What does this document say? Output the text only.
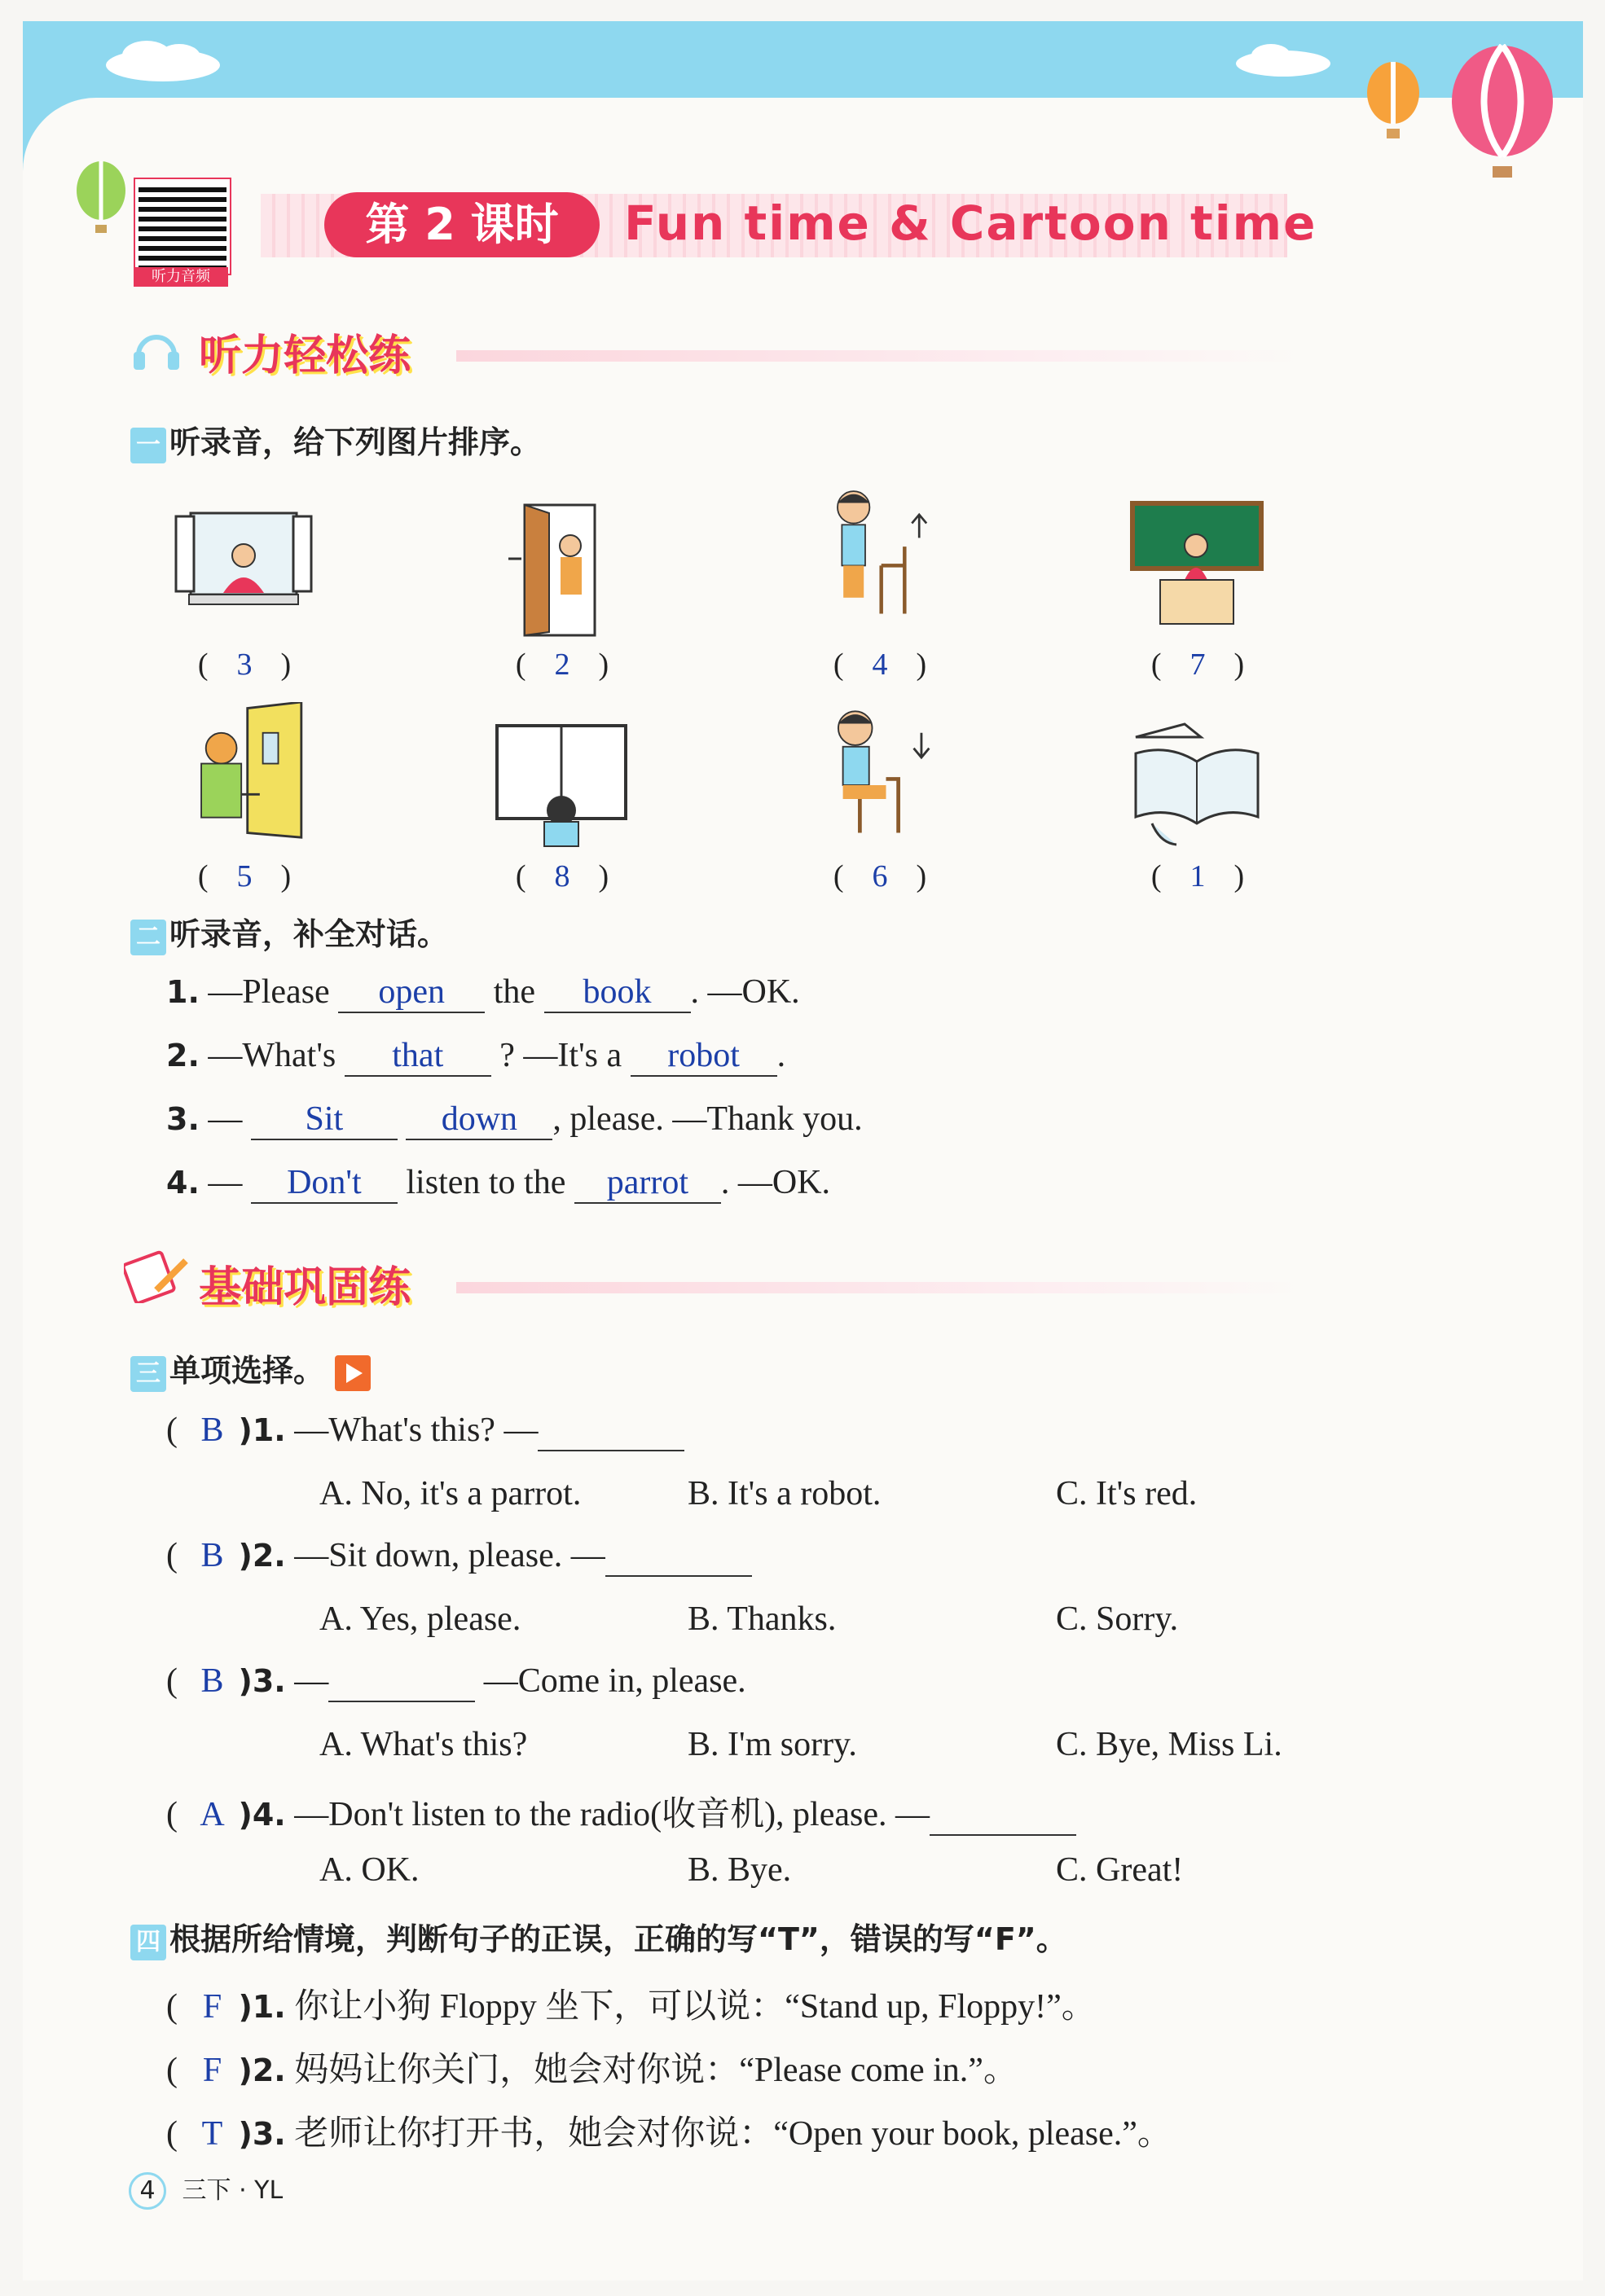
听力音频
第 2 课时	Fun time & Cartoon time
听力轻松练
一 听录音，给下列图片排序。
( 3 )	( 2 )	( 4 )	( 7 )
( 5 )	( 8 )	( 6 )	( 1 )
二 听录音，补全对话。
1. —Please open the book . —OK.
2. —What's that ? —It's a robot .
3. — Sit	down , please. —Thank you.
4. — Don't listen to the parrot . —OK.
基础巩固练
三 单项选择。
( B )1. —What's this? —
A. No, it's a parrot.	B. It's a robot.	C. It's red.
( B )2. —Sit down, please. —
A. Yes, please.	B. Thanks.	C. Sorry.
( B )3. —	—Come in, please.
A. What's this?	B. I'm sorry.	C. Bye, Miss Li.
( A )4. —Don't listen to the radio(收音机), please. —
A. OK.	B. Bye.	C. Great!
四 根据所给情境，判断句子的正误，正确的写“T”，错误的写“F”。
( F )1. 你让小狗 Floppy 坐下，可以说：“Stand up, Floppy!”。
( F )2. 妈妈让你关门，她会对你说：“Please come in.”。
( T )3. 老师让你打开书，她会对你说：“Open your book, please.”。
4 三下 · YL
